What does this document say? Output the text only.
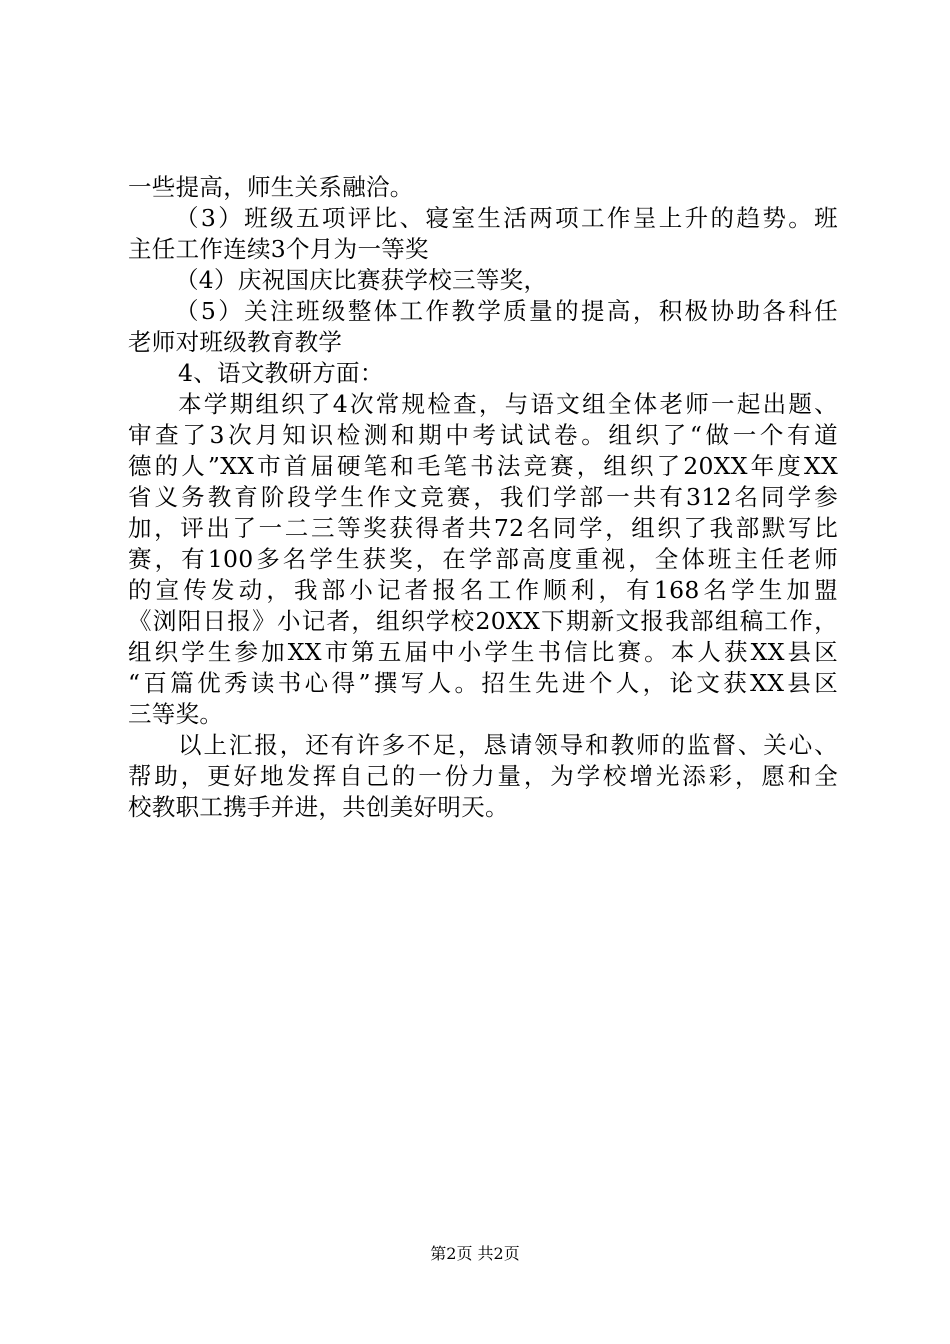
一些提高，师生关系融洽。
（3）班级五项评比、寝室生活两项工作呈上升的趋势。班
主任工作连续3个月为一等奖
（4）庆祝国庆比赛获学校三等奖，
（5）关注班级整体工作教学质量的提高，积极协助各科任
老师对班级教育教学
4、语文教研方面：
本学期组织了4次常规检查，与语文组全体老师一起出题、
审查了3次月知识检测和期中考试试卷。组织了“做一个有道
德的人”XX市首届硬笔和毛笔书法竞赛，组织了20XX年度XX
省义务教育阶段学生作文竞赛，我们学部一共有312名同学参
加，评出了一二三等奖获得者共72名同学，组织了我部默写比
赛，有100多名学生获奖，在学部高度重视，全体班主任老师
的宣传发动，我部小记者报名工作顺利，有168名学生加盟
《浏阳日报》小记者，组织学校20XX下期新文报我部组稿工作，
组织学生参加XX市第五届中小学生书信比赛。本人获XX县区
“百篇优秀读书心得”撰写人。招生先进个人，论文获XX县区
三等奖。
以上汇报，还有许多不足，恳请领导和教师的监督、关心、
帮助，更好地发挥自己的一份力量，为学校增光添彩，愿和全
校教职工携手并进，共创美好明天。
第2页 共2页
